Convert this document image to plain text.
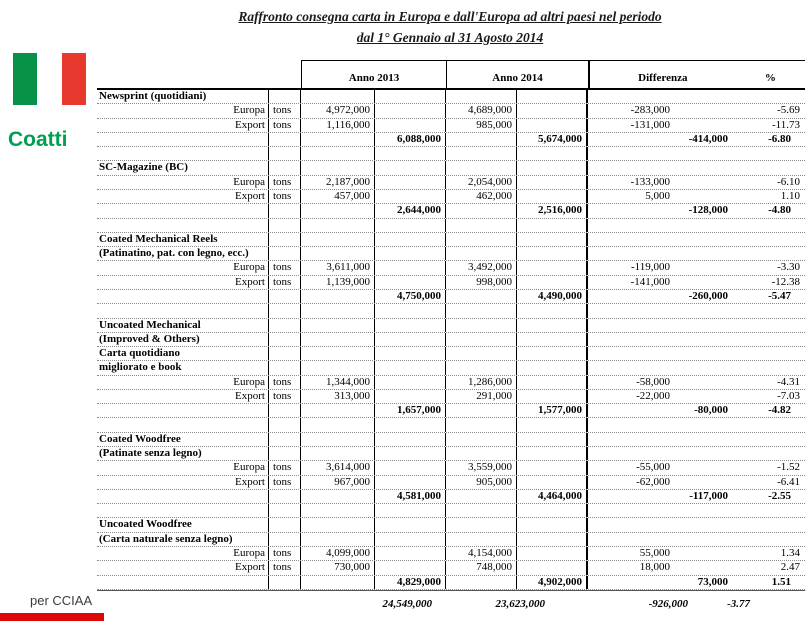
Raffronto consegna carta in Europa e dall'Europa ad altri paesi nel periodo
dal 1° Gennaio al 31 Agosto 2014
Coatti
Anno 2013	Anno 2014	Differenza	%
Newsprint (quotidiani)
Europa tons	4,972,000	4,689,000	-283,000	-5.69
Export tons	1,116,000	985,000	-131,000	-11.73
6,088,000	5,674,000	-414,000	-6.80
SC-Magazine (BC)
Europa tons	2,187,000	2,054,000	-133,000	-6.10
Export tons	457,000	462,000	5,000	1.10
2,644,000	2,516,000	-128,000	-4.80
Coated Mechanical Reels
(Patinatino, pat. con legno, ecc.)
Europa tons	3,611,000	3,492,000	-119,000	-3.30
Export tons	1,139,000	998,000	-141,000	-12.38
4,750,000	4,490,000	-260,000	-5.47
Uncoated Mechanical
(Improved & Others)
Carta quotidiano
migliorato e book
Europa tons	1,344,000	1,286,000	-58,000	-4.31
Export tons	313,000	291,000	-22,000	-7.03
1,657,000	1,577,000	-80,000	-4.82
Coated Woodfree
(Patinate senza legno)
Europa tons	3,614,000	3,559,000	-55,000	-1.52
Export tons	967,000	905,000	-62,000	-6.41
4,581,000	4,464,000	-117,000	-2.55
Uncoated Woodfree
(Carta naturale senza legno)
Europa tons	4,099,000	4,154,000	55,000	1.34
Export tons	730,000	748,000	18,000	2.47
4,829,000	4,902,000	73,000	1.51
24,549,000	23,623,000	-926,000	-3.77
per CCIAA
